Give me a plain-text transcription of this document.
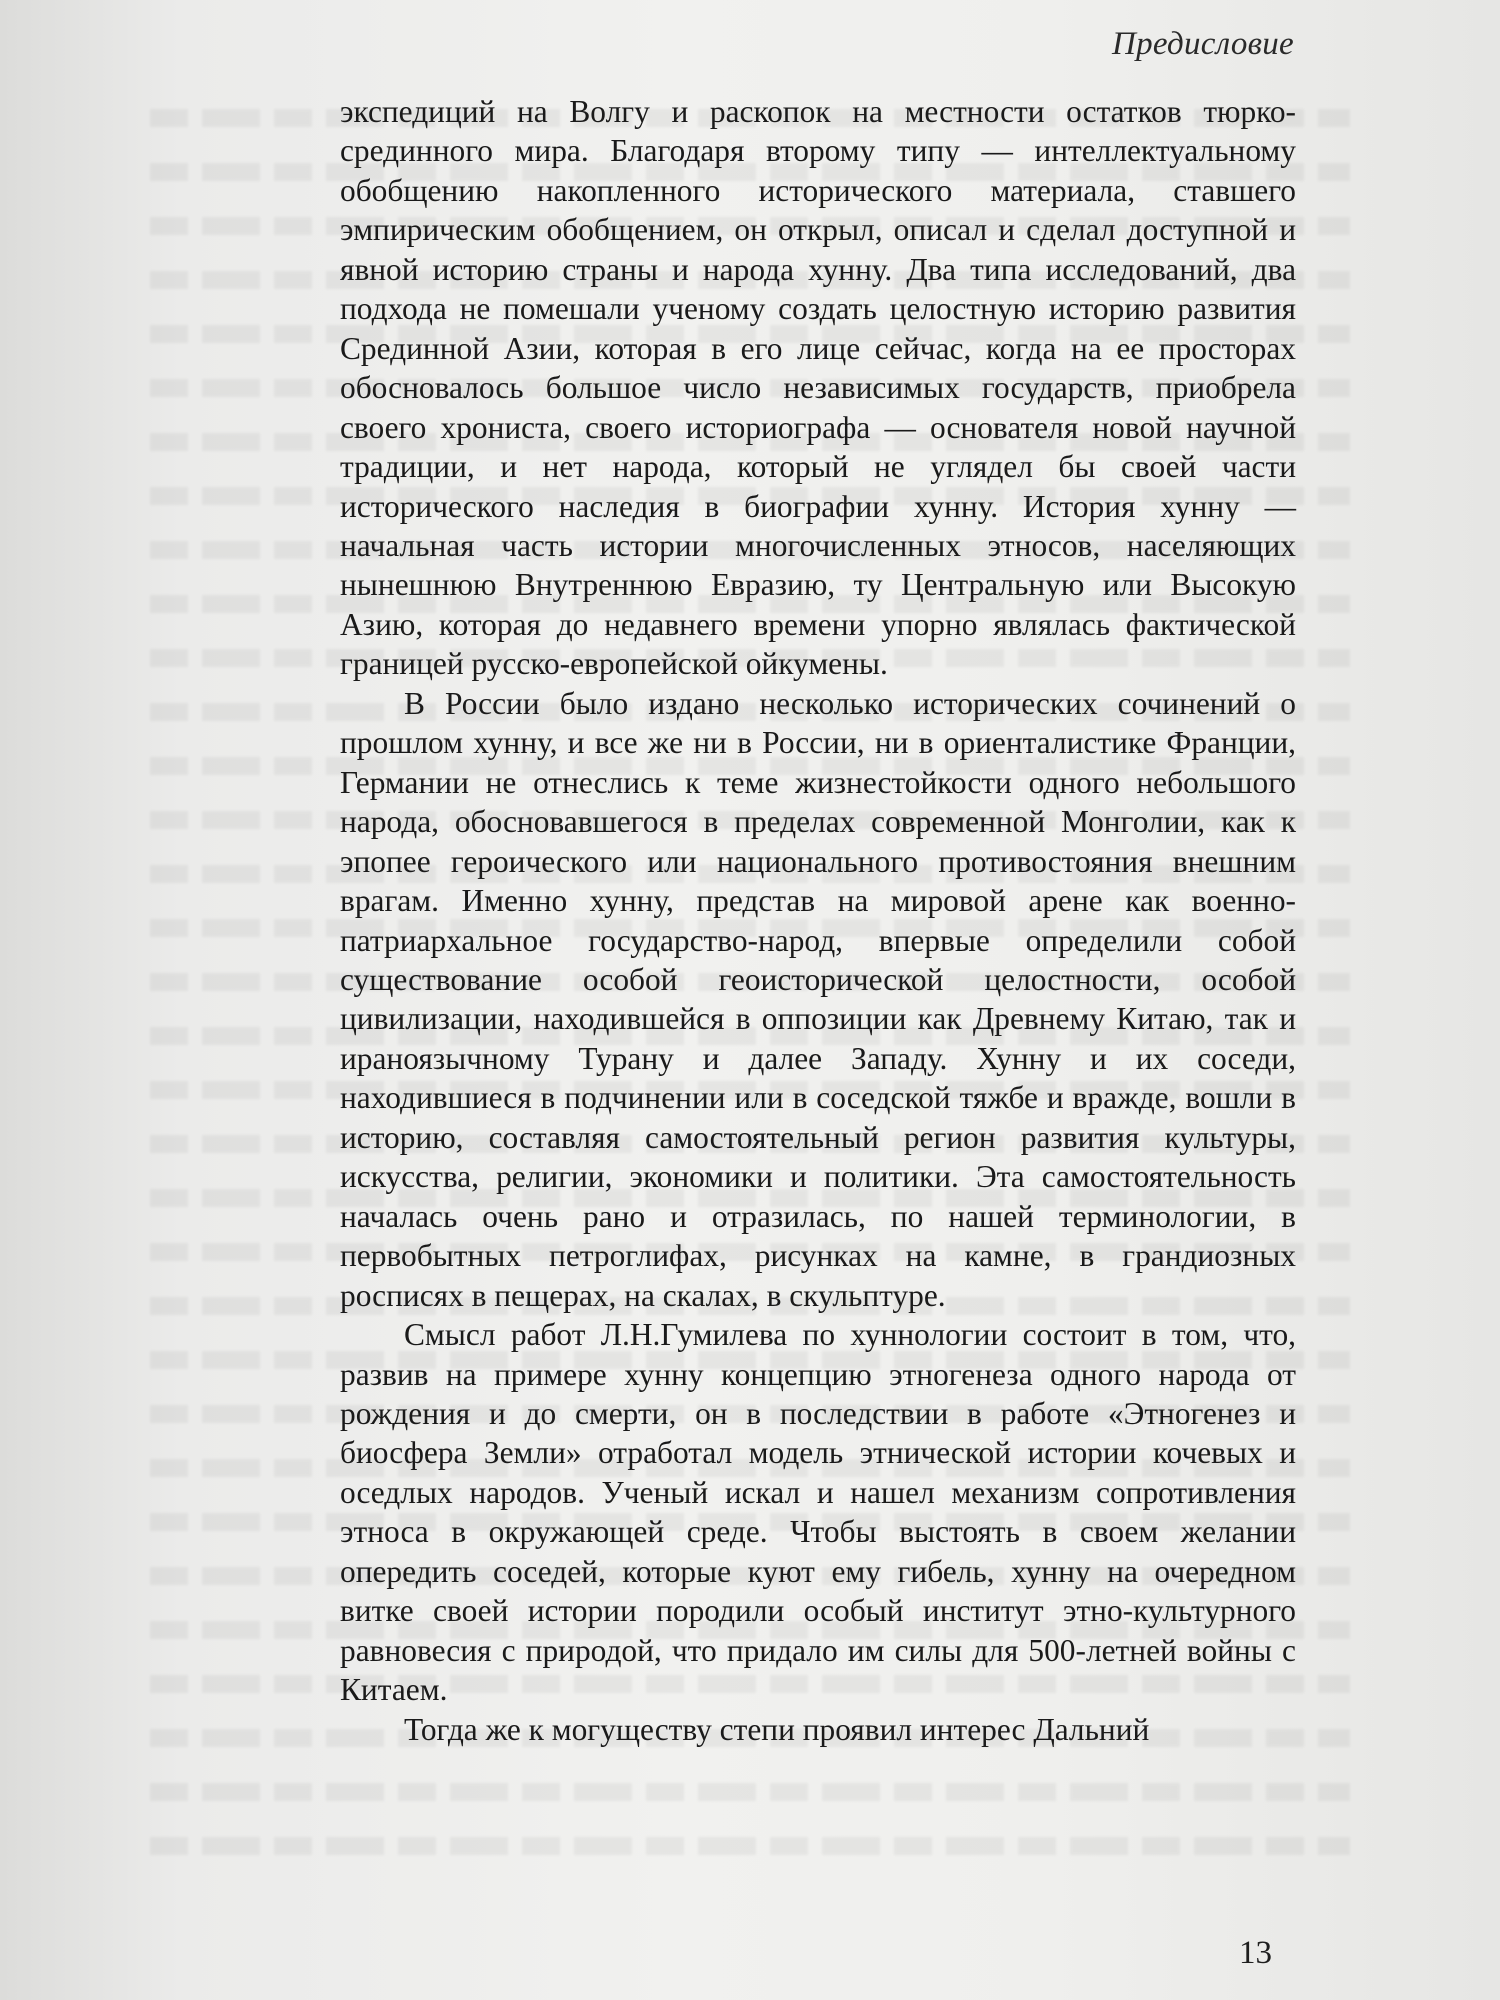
Предисловие

экспедиций на Волгу и раскопок на местности остатков тюрко-срединного мира. Благодаря второму типу — интеллектуальному обобщению накопленного исторического материала, ставшего эмпирическим обобщением, он открыл, описал и сделал доступной и явной историю страны и народа хунну. Два типа исследований, два подхода не помешали ученому создать целостную историю развития Срединной Азии, которая в его лице сейчас, когда на ее просторах обосновалось большое число независимых государств, приобрела своего хрониста, своего историографа — основателя новой научной традиции, и нет народа, который не углядел бы своей части исторического наследия в биографии хунну. История хунну — начальная часть истории многочисленных этносов, населяющих нынешнюю Внутреннюю Евразию, ту Центральную или Высокую Азию, которая до недавнего времени упорно являлась фактической границей русско-европейской ойкумены.

В России было издано несколько исторических сочинений о прошлом хунну, и все же ни в России, ни в ориенталистике Франции, Германии не отнеслись к теме жизнестойкости одного небольшого народа, обосновавшегося в пределах современной Монголии, как к эпопее героического или национального противостояния внешним врагам. Именно хунну, представ на мировой арене как военно-патриархальное государство-народ, впервые определили собой существование особой геоисторической целостности, особой цивилизации, находившейся в оппозиции как Древнему Китаю, так и ираноязычному Турану и далее Западу. Хунну и их соседи, находившиеся в подчинении или в соседской тяжбе и вражде, вошли в историю, составляя самостоятельный регион развития культуры, искусства, религии, экономики и политики. Эта самостоятельность началась очень рано и отразилась, по нашей терминологии, в первобытных петроглифах, рисунках на камне, в грандиозных росписях в пещерах, на скалах, в скульптуре.

Смысл работ Л.Н.Гумилева по хуннологии состоит в том, что, развив на примере хунну концепцию этногенеза одного народа от рождения и до смерти, он в последствии в работе «Этногенез и биосфера Земли» отработал модель этнической истории кочевых и оседлых народов. Ученый искал и нашел механизм сопротивления этноса в окружающей среде. Чтобы выстоять в своем желании опередить соседей, которые куют ему гибель, хунну на очередном витке своей истории породили особый институт этно-культурного равновесия с природой, что придало им силы для 500-летней войны с Китаем.

Тогда же к могуществу степи проявил интерес Дальний

13
